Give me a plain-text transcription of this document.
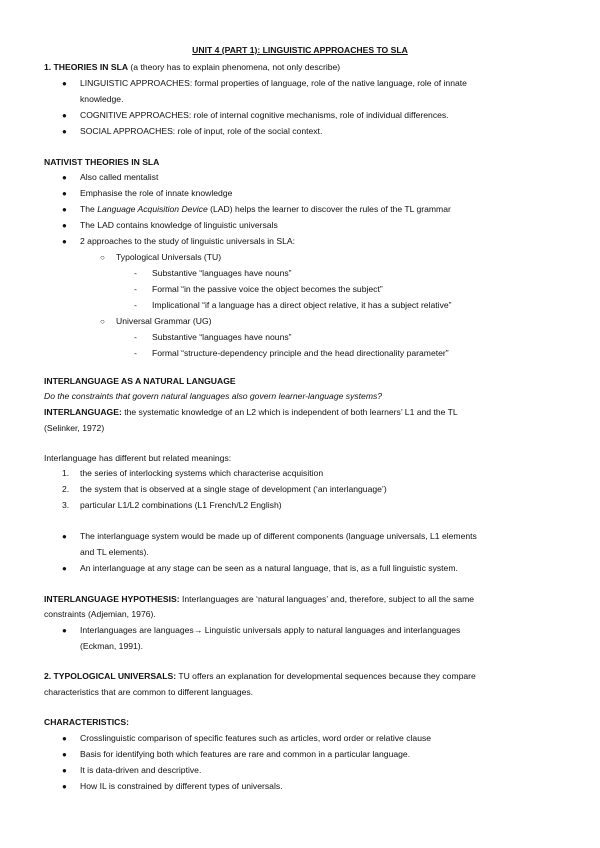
UNIT 4 (PART 1): LINGUISTIC APPROACHES TO SLA
1. THEORIES IN SLA (a theory has to explain phenomena, not only describe)
● LINGUISTIC APPROACHES: formal properties of language, role of the native language, role of innate
knowledge.
● COGNITIVE APPROACHES: role of internal cognitive mechanisms, role of individual differences.
● SOCIAL APPROACHES: role of input, role of the social context.
NATIVIST THEORIES IN SLA
● Also called mentalist
● Emphasise the role of innate knowledge
● The Language Acquisition Device (LAD) helps the learner to discover the rules of the TL grammar
● The LAD contains knowledge of linguistic universals
● 2 approaches to the study of linguistic universals in SLA:
○ Typological Universals (TU)
- Substantive “languages have nouns”
- Formal “in the passive voice the object becomes the subject”
- Implicational “if a language has a direct object relative, it has a subject relative”
○ Universal Grammar (UG)
- Substantive “languages have nouns”
- Formal “structure-dependency principle and the head directionality parameter”
INTERLANGUAGE AS A NATURAL LANGUAGE
Do the constraints that govern natural languages also govern learner-language systems?
INTERLANGUAGE: the systematic knowledge of an L2 which is independent of both learners’ L1 and the TL
(Selinker, 1972)
Interlanguage has different but related meanings:
1. the series of interlocking systems which characterise acquisition
2. the system that is observed at a single stage of development (‘an interlanguage’)
3. particular L1/L2 combinations (L1 French/L2 English)
● The interlanguage system would be made up of different components (language universals, L1 elements
and TL elements).
● An interlanguage at any stage can be seen as a natural language, that is, as a full linguistic system.
INTERLANGUAGE HYPOTHESIS: Interlanguages are ‘natural languages’ and, therefore, subject to all the same
constraints (Adjemian, 1976).
● Interlanguages are languages→ Linguistic universals apply to natural languages and interlanguages
(Eckman, 1991).
2. TYPOLOGICAL UNIVERSALS: TU offers an explanation for developmental sequences because they compare
characteristics that are common to different languages.
CHARACTERISTICS:
● Crosslinguistic comparison of specific features such as articles, word order or relative clause
● Basis for identifying both which features are rare and common in a particular language.
● It is data-driven and descriptive.
● How IL is constrained by different types of universals.
